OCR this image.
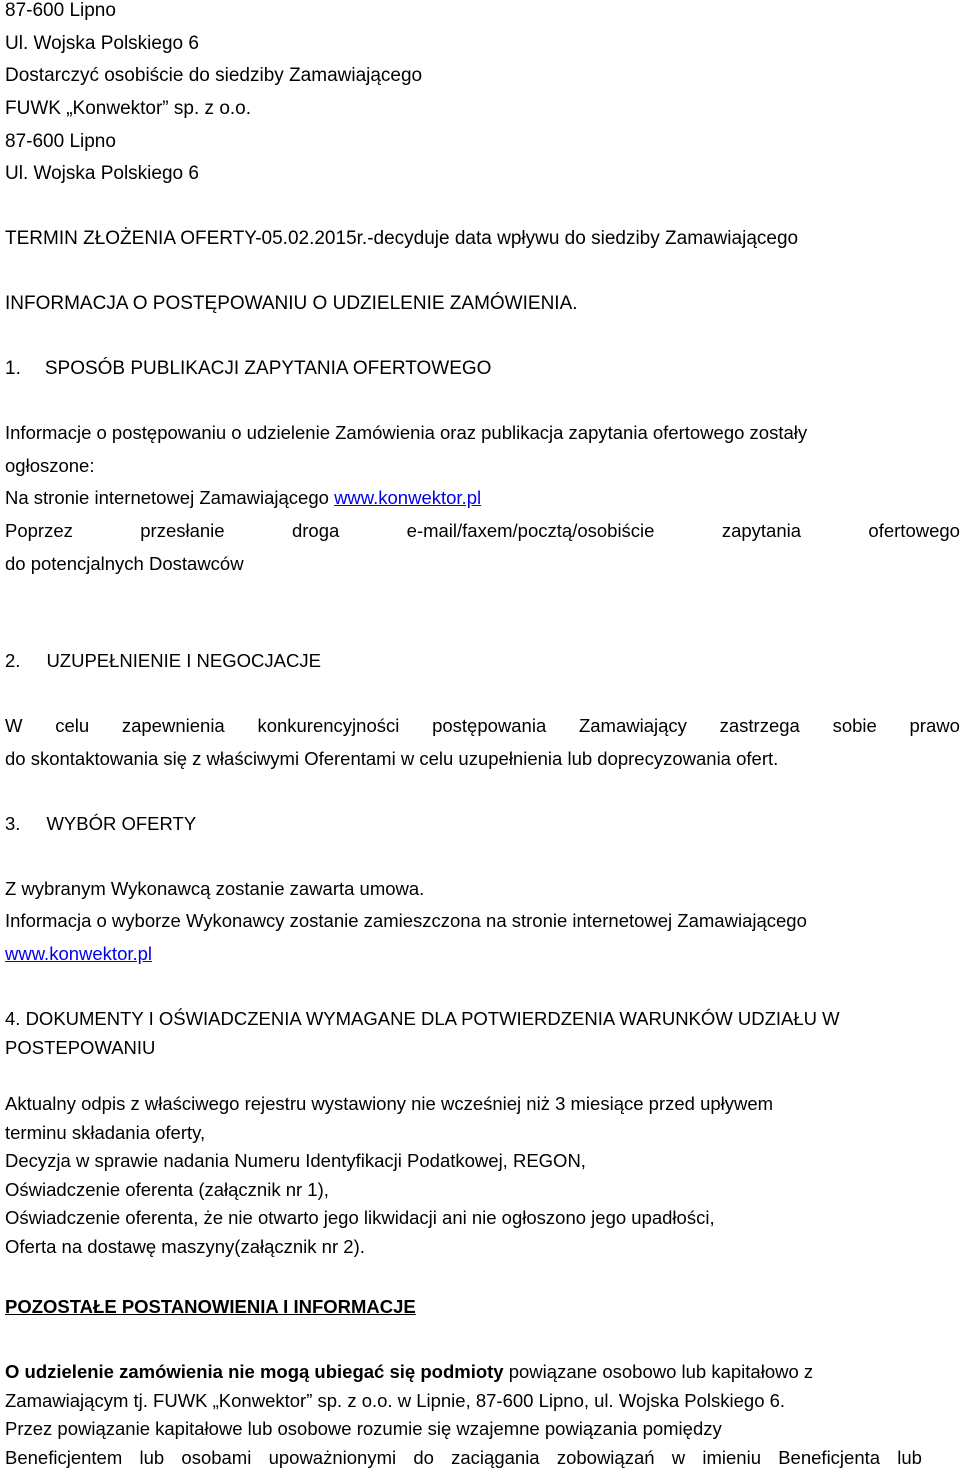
87-600 Lipno

Ul. Wojska Polskiego 6

Dostarczyć osobiście do siedziby Zamawiającego

FUWK „Konwektor” sp. z o.o.

87-600 Lipno

Ul. Wojska Polskiego 6

TERMIN ZŁOŻENIA OFERTY-05.02.2015r.-decyduje data wpływu do siedziby Zamawiającego

INFORMACJA O POSTĘPOWANIU O UDZIELENIE ZAMÓWIENIA.

1. SPOSÓB PUBLIKACJI ZAPYTANIA OFERTOWEGO

Informacje o postępowaniu o udzielenie Zamówienia oraz publikacja zapytania ofertowego zostały

ogłoszone:

Na stronie internetowej Zamawiającego www.konwektor.pl

Poprzez	przesłanie	droga	e-mail/faxem/pocztą/osobiście	zapytania	ofertowego

do potencjalnych Dostawców

2. UZUPEŁNIENIE I NEGOCJACJE

W celu zapewnienia konkurencyjności postępowania Zamawiający zastrzega sobie prawo

do skontaktowania się z właściwymi Oferentami w celu uzupełnienia lub doprecyzowania ofert.

3. WYBÓR OFERTY

Z wybranym Wykonawcą zostanie zawarta umowa.

Informacja o wyborze Wykonawcy zostanie zamieszczona na stronie internetowej Zamawiającego

www.konwektor.pl

4. DOKUMENTY I OŚWIADCZENIA WYMAGANE DLA POTWIERDZENIA WARUNKÓW UDZIAŁU W

POSTEPOWANIU

Aktualny odpis z właściwego rejestru wystawiony nie wcześniej niż 3 miesiące przed upływem

terminu składania oferty,

Decyzja w sprawie nadania Numeru Identyfikacji Podatkowej, REGON,

Oświadczenie oferenta (załącznik nr 1),

Oświadczenie oferenta, że nie otwarto jego likwidacji ani nie ogłoszono jego upadłości,

Oferta na dostawę maszyny(załącznik nr 2).

POZOSTAŁE POSTANOWIENIA I INFORMACJE

O udzielenie zamówienia nie mogą ubiegać się podmioty powiązane osobowo lub kapitałowo z

Zamawiającym tj. FUWK „Konwektor” sp. z o.o. w Lipnie, 87-600 Lipno, ul. Wojska Polskiego 6.

Przez powiązanie kapitałowe lub osobowe rozumie się wzajemne powiązania pomiędzy

Beneficjentem lub osobami upoważnionymi do zaciągania zobowiązań w imieniu Beneficjenta lub
